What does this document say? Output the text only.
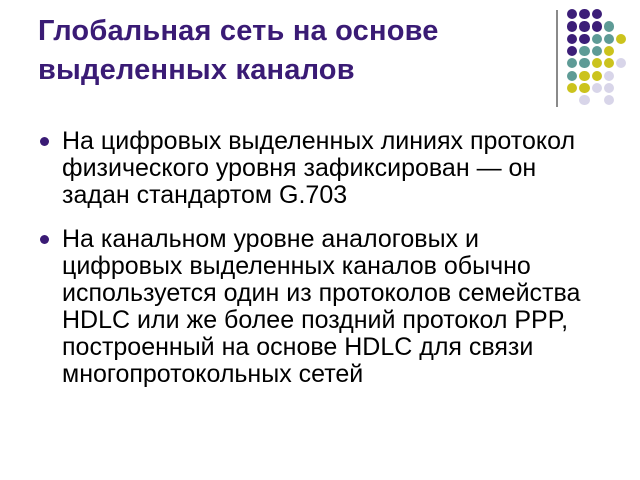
Глобальная сеть на основе выделенных каналов
На цифровых выделенных линиях протокол физического уровня зафиксирован — он задан стандартом G.703
На канальном уровне аналоговых и цифровых выделенных каналов обычно используется один из протоколов семейства HDLC или же более поздний протокол PPP, построенный на основе HDLC для связи многопротокольных сетей
